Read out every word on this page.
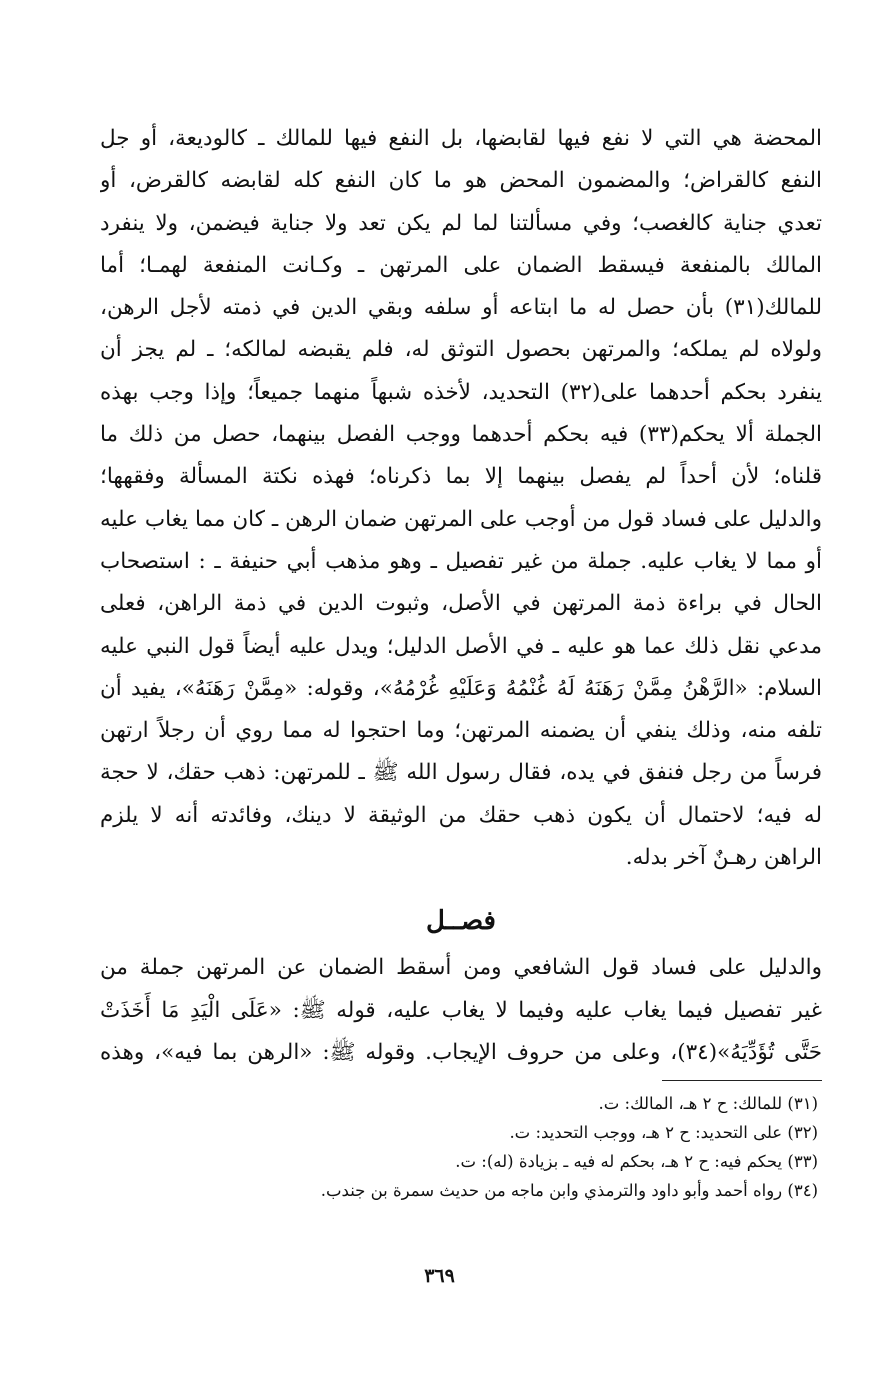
المحضة هي التي لا نفع فيها لقابضها، بل النفع فيها للمالك ـ كالوديعة، أو جل
النفع كالقراض؛ والمضمون المحض هو ما كان النفع كله لقابضه كالقرض، أو
تعدي جناية كالغصب؛ وفي مسألتنا لما لم يكن تعد ولا جناية فيضمن، ولا ينفرد
المالك بالمنفعة فيسقط الضمان على المرتهن ـ وكـانت المنفعة لهمـا؛ أما
للمالك(٣١) بأن حصل له ما ابتاعه أو سلفه وبقي الدين في ذمته لأجل الرهن،
ولولاه لم يملكه؛ والمرتهن بحصول التوثق له، فلم يقبضه لمالكه؛ ـ لم يجز أن
ينفرد بحكم أحدهما على(٣٢) التحديد، لأخذه شبهاً منهما جميعاً؛ وإذا وجب بهذه
الجملة ألا يحكم(٣٣) فيه بحكم أحدهما ووجب الفصل بينهما، حصل من ذلك ما
قلناه؛ لأن أحداً لم يفصل بينهما إلا بما ذكرناه؛ فهذه نكتة المسألة وفقهها؛
والدليل على فساد قول من أوجب على المرتهن ضمان الرهن ـ كان مما يغاب عليه
أو مما لا يغاب عليه. جملة من غير تفصيل ـ وهو مذهب أبي حنيفة ـ : استصحاب
الحال في براءة ذمة المرتهن في الأصل، وثبوت الدين في ذمة الراهن، فعلى
مدعي نقل ذلك عما هو عليه ـ في الأصل الدليل؛ ويدل عليه أيضاً قول النبي عليه
السلام: «الرَّهْنُ مِمَّنْ رَهَنَهُ لَهُ غُنْمُهُ وَعَلَيْهِ غُرْمُهُ»، وقوله: «مِمَّنْ رَهَنَهُ»، يفيد أن
تلفه منه، وذلك ينفي أن يضمنه المرتهن؛ وما احتجوا له مما روي أن رجلاً ارتهن
فرساً من رجل فنفق في يده، فقال رسول الله ﷺ ـ للمرتهن: ذهب حقك، لا حجة
له فيه؛ لاحتمال أن يكون ذهب حقك من الوثيقة لا دينك، وفائدته أنه لا يلزم
الراهن رهـنٌ آخر بدله.
فصــل
والدليل على فساد قول الشافعي ومن أسقط الضمان عن المرتهن جملة من
غير تفصيل فيما يغاب عليه وفيما لا يغاب عليه، قوله ﷺ: «عَلَى الْيَدِ مَا أَخَذَتْ
حَتَّى تُؤَدِّيَهُ»(٣٤)، وعلى من حروف الإيجاب. وقوله ﷺ: «الرهن بما فيه»، وهذه
(٣١) للمالك: ح ٢ هـ، المالك: ت.
(٣٢) على التحديد: ح ٢ هـ، ووجب التحديد: ت.
(٣٣) يحكم فيه: ح ٢ هـ، بحكم له فيه ـ بزيادة (له): ت.
(٣٤) رواه أحمد وأبو داود والترمذي وابن ماجه من حديث سمرة بن جندب.
٣٦٩
